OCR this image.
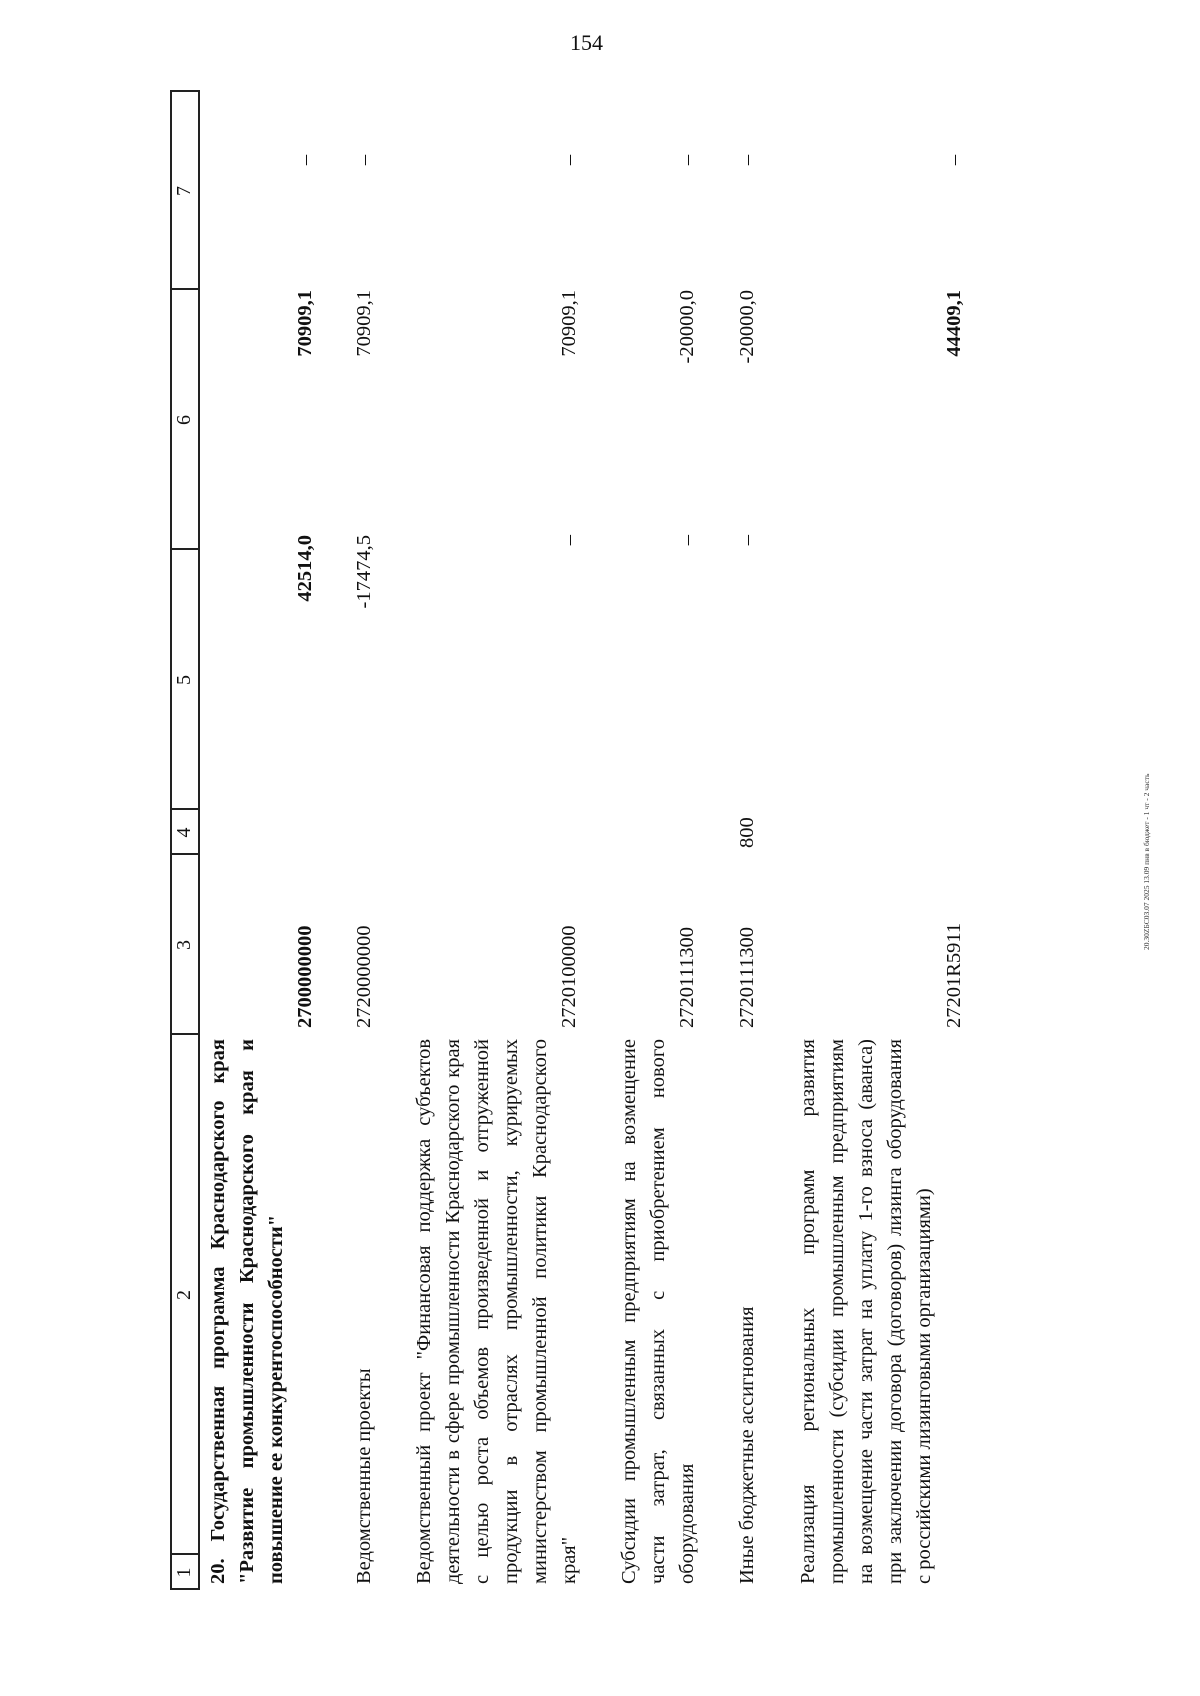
154
20.30ZБС03.07 2025 13.09 пнв в бюджет - 1 чт - 2 часть
1
2
3
4
5
6
7
20. Государственная программа Краснодарского края "Развитие промышленности Краснодарского края и повышение ее конкурентоспособности"
2700000000
42514,0
70909,1
–
Ведомственные проекты
2720000000
-17474,5
70909,1
–
Ведомственный проект "Финансовая поддержка субъектов деятельности в сфере промышленности Краснодарского края с целью роста объемов произведенной и отгруженной продукции в отраслях промышленности, курируемых министерством промышленной политики Краснодарского края"
2720100000
–
70909,1
–
Субсидии промышленным предприятиям на возмещение части затрат, связанных с приобретением нового оборудования
2720111300
–
-20000,0
–
Иные бюджетные ассигнования
2720111300
800
–
-20000,0
–
Реализация региональных программ развития промышленности (субсидии промышленным предприятиям на возмещение части затрат на уплату 1-го взноса (аванса) при заключении договора (договоров) лизинга оборудования с российскими лизинговыми организациями)
27201R5911
44409,1
–
